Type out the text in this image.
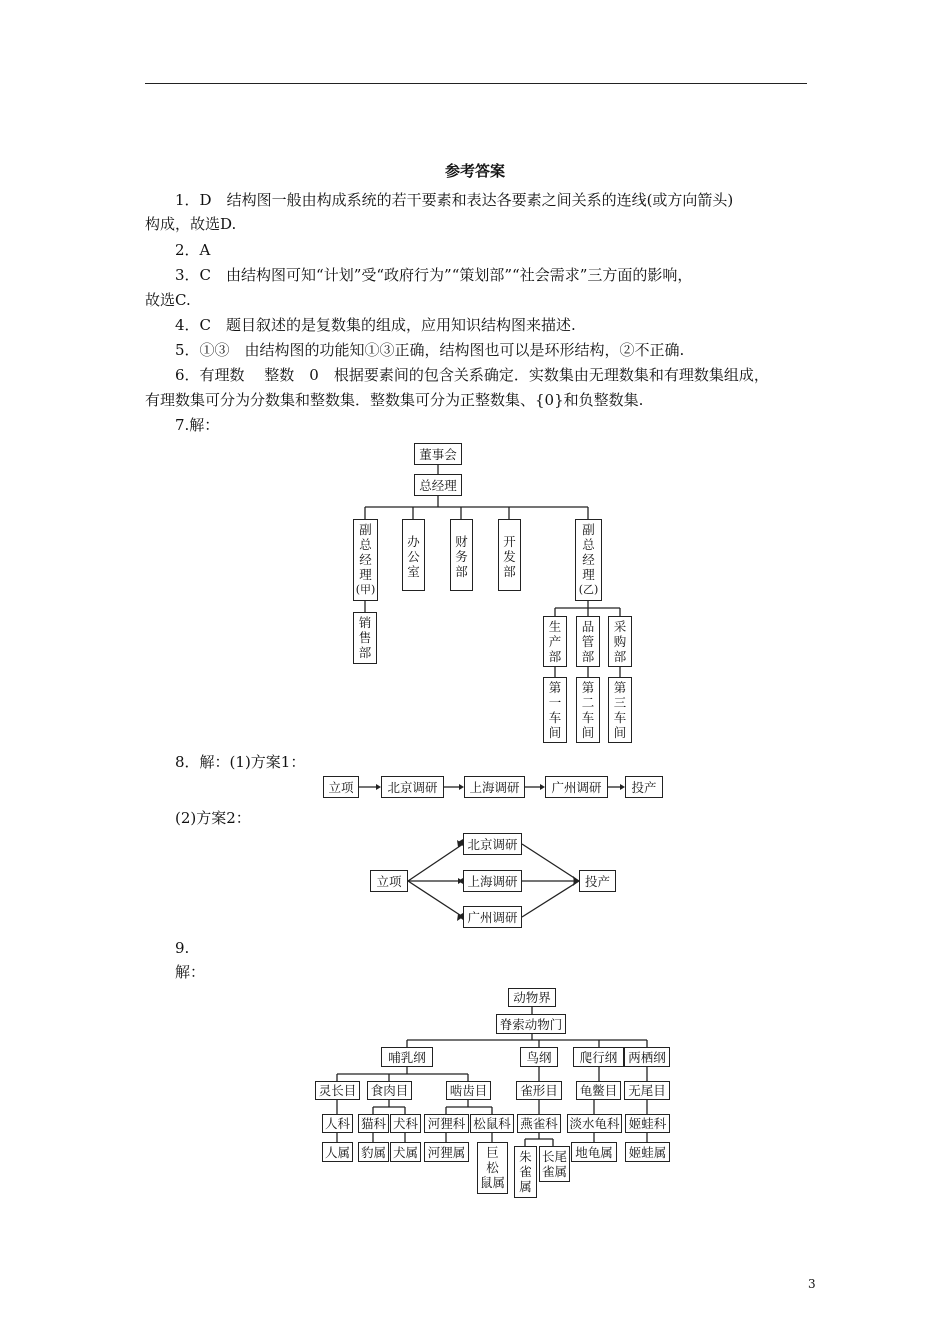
参考答案
1．D　结构图一般由构成系统的若干要素和表达各要素之间关系的连线(或方向箭头)
构成，故选D.
2．A
3．C　由结构图可知“计划”受“政府行为”“策划部”“社会需求”三方面的影响，
故选C.
4．C　题目叙述的是复数集的组成，应用知识结构图来描述.
5．①③　由结构图的功能知①③正确，结构图也可以是环形结构，②不正确.
6．有理数　 整数　0　根据要素间的包含关系确定．实数集由无理数集和有理数集组成，
有理数集可分为分数集和整数集．整数集可分为正整数集、{0}和负整数集.
7.解：
董事会
总经理
副
总
经
理
(甲)
办
公
室
财
务
部
开
发
部
副
总
经
理
(乙)
销
售
部
生
产
部
品
管
部
采
购
部
第
一
车
间
第
二
车
间
第
三
车
间
8．解：(1)方案1：
立项	北京调研	上海调研	广州调研	投产
(2)方案2：
立项
北京调研
上海调研
广州调研
投产
9.
解：
动物界
脊索动物门
哺乳纲	鸟纲	爬行纲 两栖纲
灵长目	食肉目	啮齿目	雀形目	龟鳖目 无尾目
人科 猫科 犬科 河狸科 松鼠科 燕雀科 淡水龟科 姬蛙科
人属 豹属 犬属 河狸属	巨
松
鼠属
朱
雀
属
长尾
雀属
地龟属	姬蛙属
3
